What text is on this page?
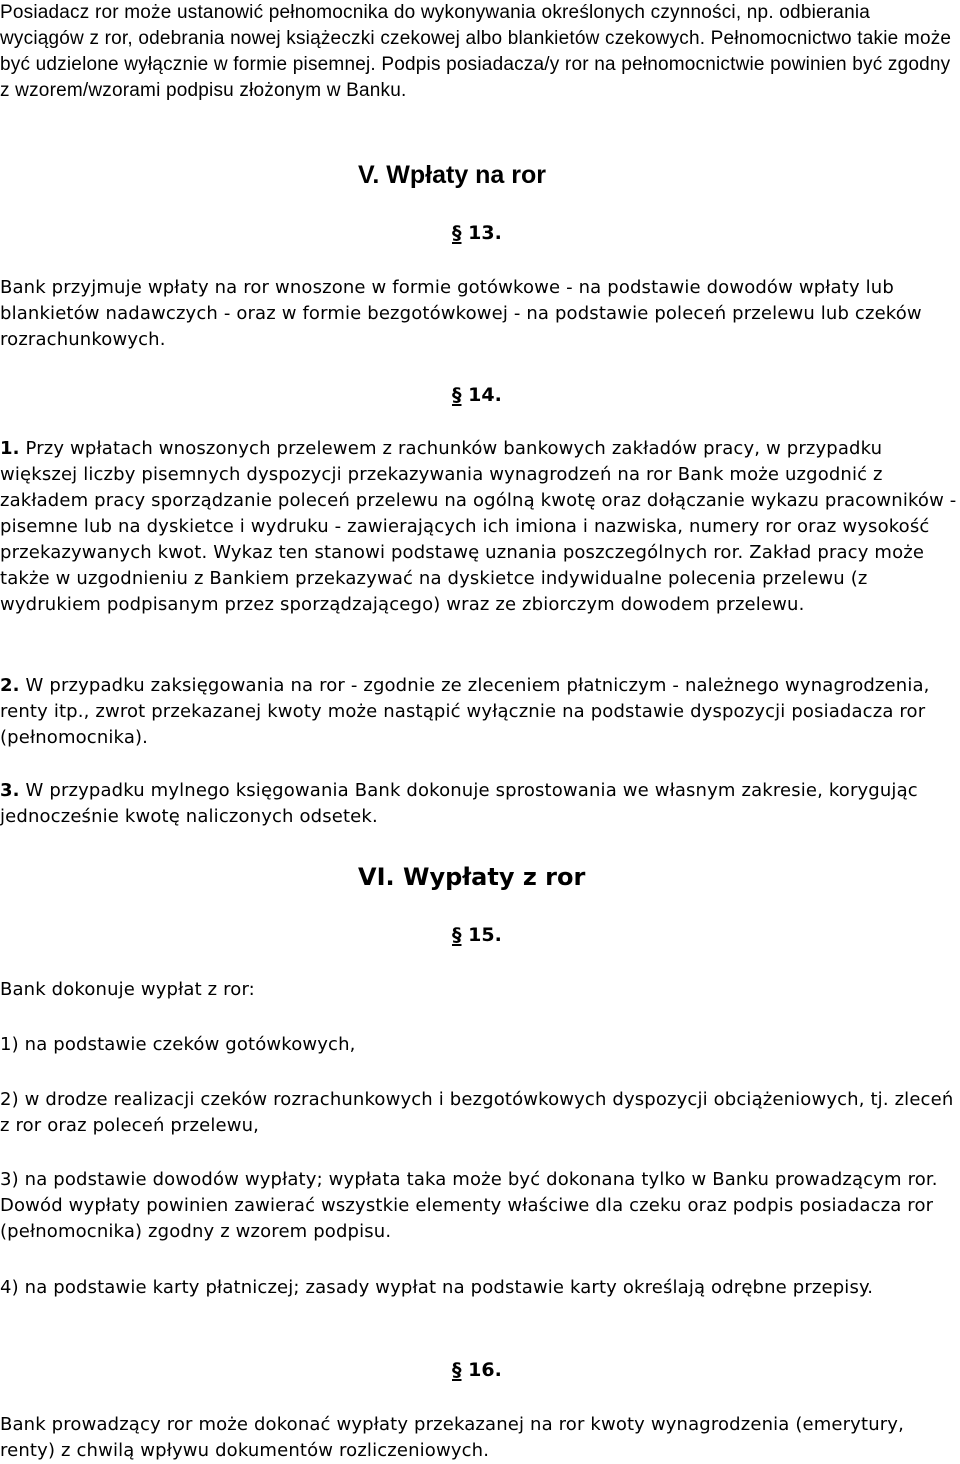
Posiadacz ror może ustanowić pełnomocnika do wykonywania określonych czynności, np. odbierania wyciągów z ror, odebrania nowej książeczki czekowej albo blankietów czekowych. Pełnomocnictwo takie może być udzielone wyłącznie w formie pisemnej. Podpis posiadacza/y ror na pełnomocnictwie powinien być zgodny z wzorem/wzorami podpisu złożonym w Banku.

V. Wpłaty na ror
§ 13.

Bank przyjmuje wpłaty na ror wnoszone w formie gotówkowe - na podstawie dowodów wpłaty lub blankietów nadawczych - oraz w formie bezgotówkowej - na podstawie poleceń przelewu lub czeków rozrachunkowych.

§ 14.

1. Przy wpłatach wnoszonych przelewem z rachunków bankowych zakładów pracy, w przypadku większej liczby pisemnych dyspozycji przekazywania wynagrodzeń na ror Bank może uzgodnić z zakładem pracy sporządzanie poleceń przelewu na ogólną kwotę oraz dołączanie wykazu pracowników - pisemne lub na dyskietce i wydruku - zawierających ich imiona i nazwiska, numery ror oraz wysokość przekazywanych kwot. Wykaz ten stanowi podstawę uznania poszczególnych ror. Zakład pracy może także w uzgodnieniu z Bankiem przekazywać na dyskietce indywidualne polecenia przelewu (z wydrukiem podpisanym przez sporządzającego) wraz ze zbiorczym dowodem przelewu.

2. W przypadku zaksięgowania na ror - zgodnie ze zleceniem płatniczym - należnego wynagrodzenia, renty itp., zwrot przekazanej kwoty może nastąpić wyłącznie na podstawie dyspozycji posiadacza ror (pełnomocnika).

3. W przypadku mylnego księgowania Bank dokonuje sprostowania we własnym zakresie, korygując jednocześnie kwotę naliczonych odsetek.

VI. Wypłaty z ror
§ 15.

Bank dokonuje wypłat z ror:

1) na podstawie czeków gotówkowych,

2) w drodze realizacji czeków rozrachunkowych i bezgotówkowych dyspozycji obciążeniowych, tj. zleceń z ror oraz poleceń przelewu,

3) na podstawie dowodów wypłaty; wypłata taka może być dokonana tylko w Banku prowadzącym ror. Dowód wypłaty powinien zawierać wszystkie elementy właściwe dla czeku oraz podpis posiadacza ror (pełnomocnika) zgodny z wzorem podpisu.

4) na podstawie karty płatniczej; zasady wypłat na podstawie karty określają odrębne przepisy.

§ 16.

Bank prowadzący ror może dokonać wypłaty przekazanej na ror kwoty wynagrodzenia (emerytury, renty) z chwilą wpływu dokumentów rozliczeniowych.
